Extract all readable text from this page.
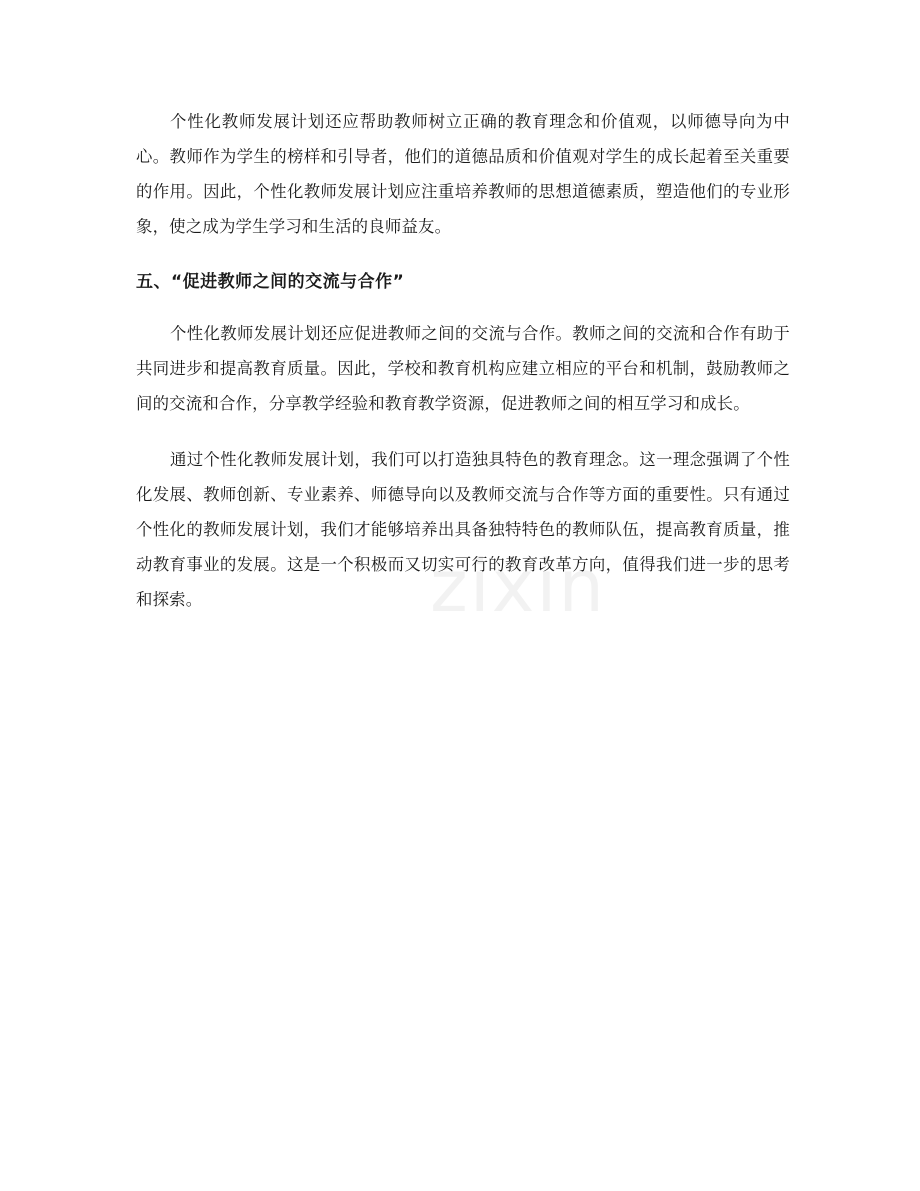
zixin

个性化教师发展计划还应帮助教师树立正确的教育理念和价值观，以师德导向为中心。教师作为学生的榜样和引导者，他们的道德品质和价值观对学生的成长起着至关重要的作用。因此，个性化教师发展计划应注重培养教师的思想道德素质，塑造他们的专业形象，使之成为学生学习和生活的良师益友。

五、“促进教师之间的交流与合作”

个性化教师发展计划还应促进教师之间的交流与合作。教师之间的交流和合作有助于共同进步和提高教育质量。因此，学校和教育机构应建立相应的平台和机制，鼓励教师之间的交流和合作，分享教学经验和教育教学资源，促进教师之间的相互学习和成长。

通过个性化教师发展计划，我们可以打造独具特色的教育理念。这一理念强调了个性化发展、教师创新、专业素养、师德导向以及教师交流与合作等方面的重要性。只有通过个性化的教师发展计划，我们才能够培养出具备独特特色的教师队伍，提高教育质量，推动教育事业的发展。这是一个积极而又切实可行的教育改革方向，值得我们进一步的思考和探索。
